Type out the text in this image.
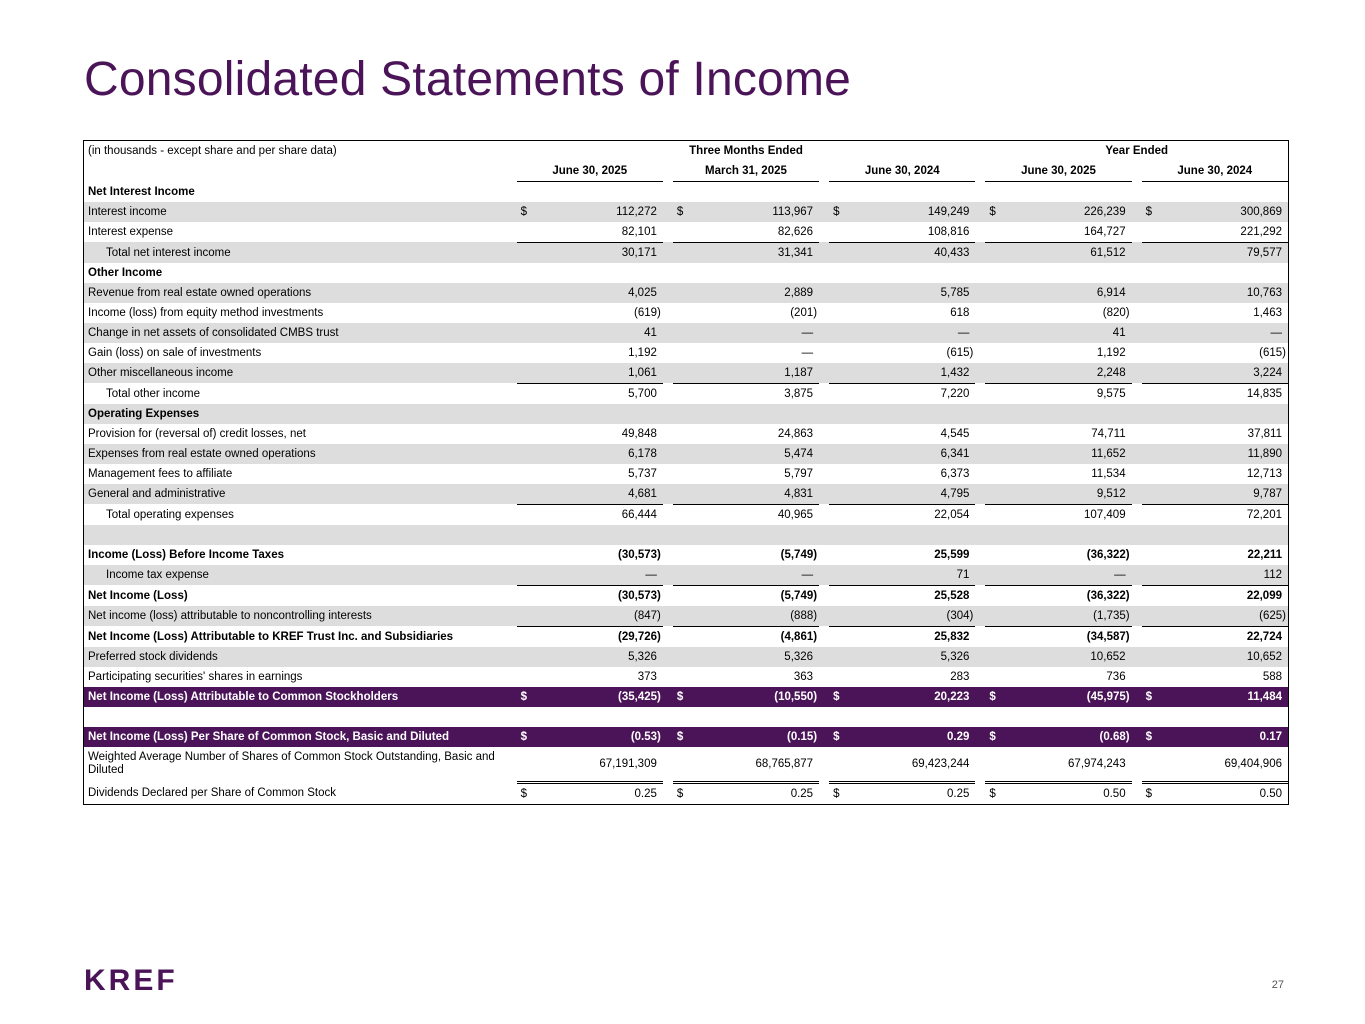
Consolidated Statements of Income
(in thousands - except share and per share data)	Three Months Ended									Year Ended				
	June 30, 2025			March 31, 2025			June 30, 2024			June 30, 2025			June 30, 2024	
Net Interest Income														
Interest income	$	112,272		$	113,967		$	149,249		$	226,239		$	300,869
Interest expense		82,101			82,626			108,816			164,727			221,292
Total net interest income		30,171			31,341			40,433			61,512			79,577
Other Income														
Revenue from real estate owned operations		4,025			2,889			5,785			6,914			10,763
Income (loss) from equity method investments		(619)			(201)			618			(820)			1,463
Change in net assets of consolidated CMBS trust		41			—			—			41			—
Gain (loss) on sale of investments		1,192			—			(615)			1,192			(615)
Other miscellaneous income		1,061			1,187			1,432			2,248			3,224
Total other income		5,700			3,875			7,220			9,575			14,835
Operating Expenses														
Provision for (reversal of) credit losses, net		49,848			24,863			4,545			74,711			37,811
Expenses from real estate owned operations		6,178			5,474			6,341			11,652			11,890
Management fees to affiliate		5,737			5,797			6,373			11,534			12,713
General and administrative		4,681			4,831			4,795			9,512			9,787
Total operating expenses		66,444			40,965			22,054			107,409			72,201

Income (Loss) Before Income Taxes		(30,573)			(5,749)			25,599			(36,322)			22,211
Income tax expense		—			—			71			—			112
Net Income (Loss)		(30,573)			(5,749)			25,528			(36,322)			22,099
Net income (loss) attributable to noncontrolling interests		(847)			(888)			(304)			(1,735)			(625)
Net Income (Loss) Attributable to KREF Trust Inc. and Subsidiaries		(29,726)			(4,861)			25,832			(34,587)			22,724
Preferred stock dividends		5,326			5,326			5,326			10,652			10,652
Participating securities' shares in earnings		373			363			283			736			588
Net Income (Loss) Attributable to Common Stockholders	$	(35,425)		$	(10,550)		$	20,223		$	(45,975)		$	11,484

Net Income (Loss) Per Share of Common Stock, Basic and Diluted	$	(0.53)		$	(0.15)		$	0.29		$	(0.68)		$	0.17
Weighted Average Number of Shares of Common Stock Outstanding, Basic and Diluted		67,191,309			68,765,877			69,423,244			67,974,243			69,404,906
Dividends Declared per Share of Common Stock	$	0.25		$	0.25		$	0.25		$	0.50		$	0.50
KREF	27
